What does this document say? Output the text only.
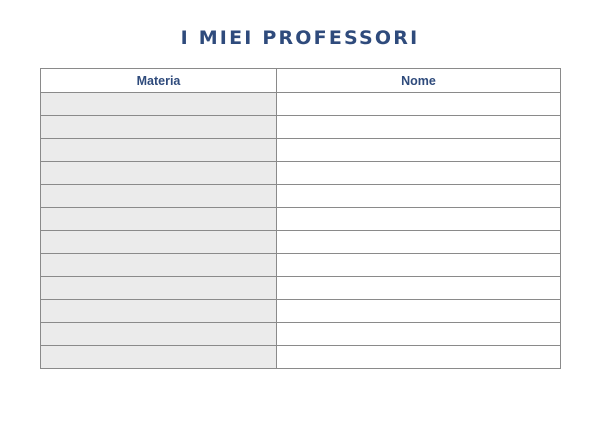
I MIEI PROFESSORI
Materia	Nome
